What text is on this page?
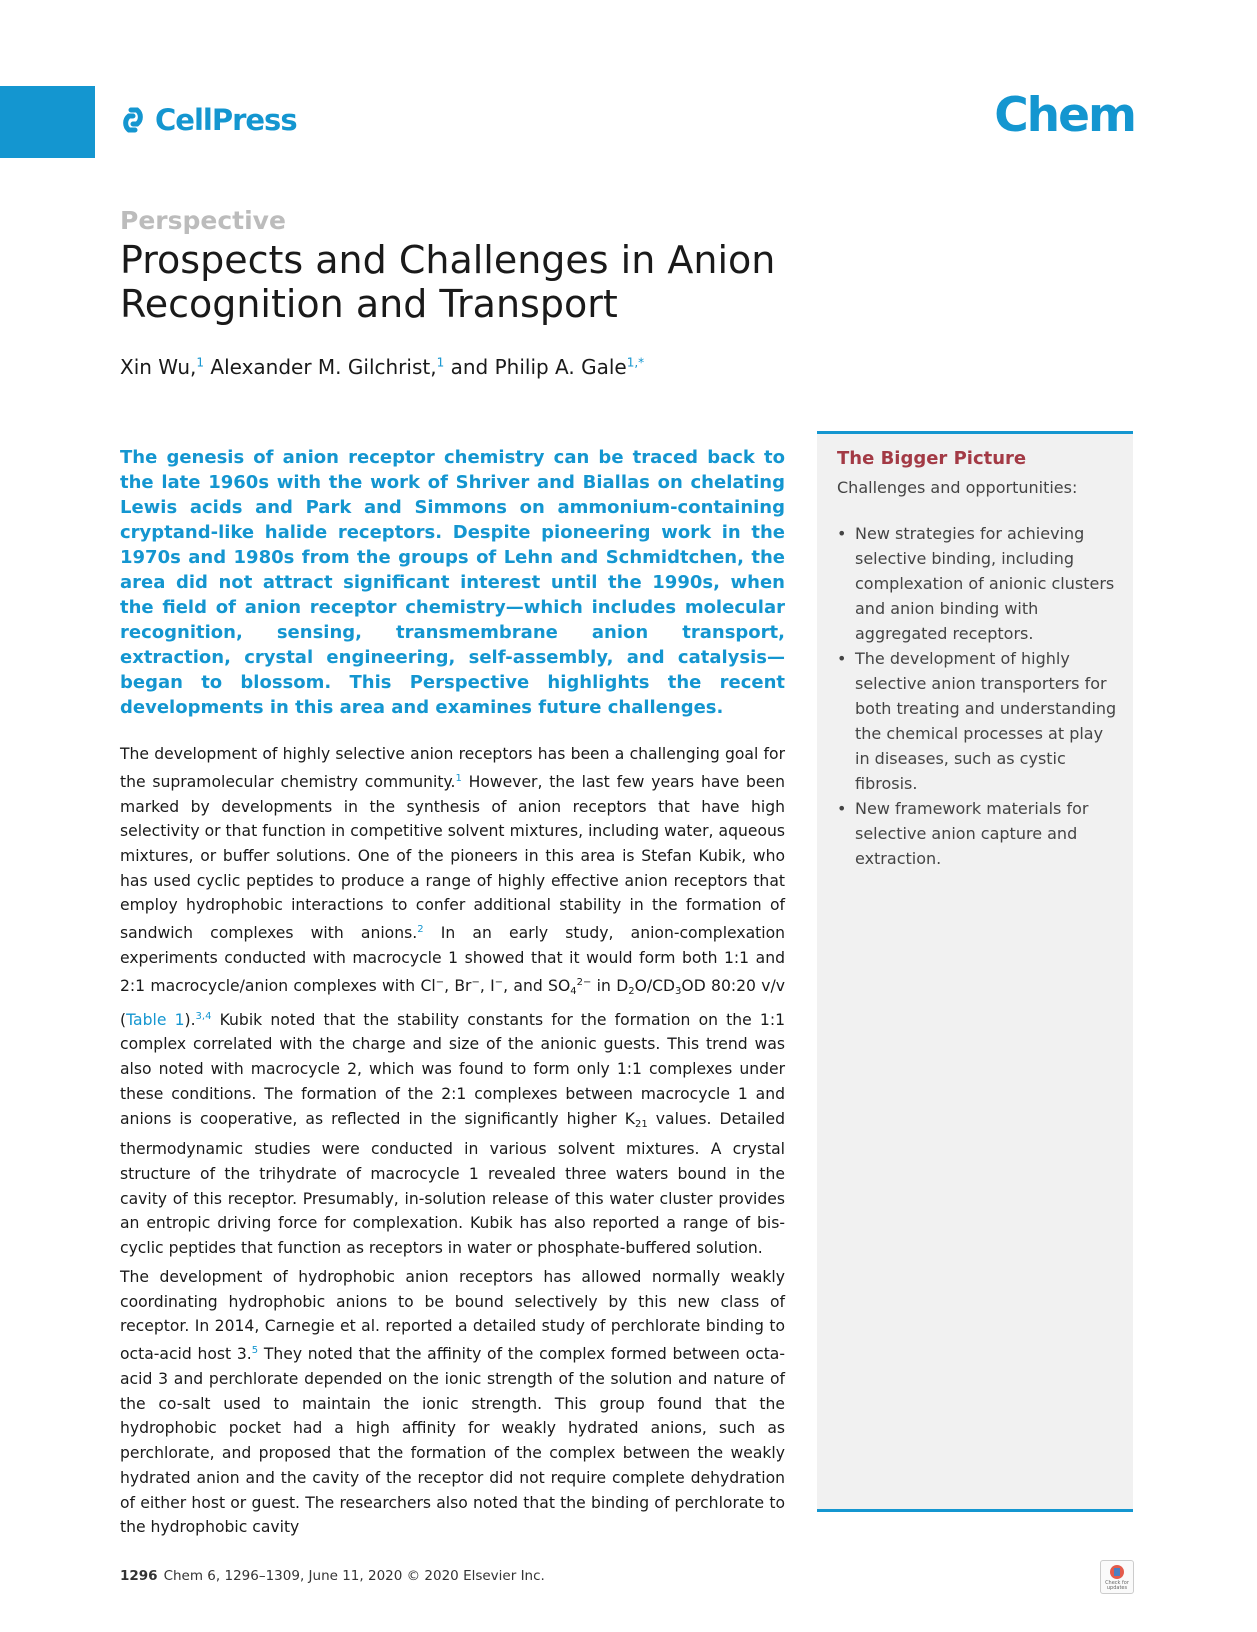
CellPress	Chem
Perspective
Prospects and Challenges in Anion Recognition and Transport
Xin Wu,$^1$ Alexander M. Gilchrist,$^1$ and Philip A. Gale$^{1,*}$

The genesis of anion receptor chemistry can be traced back to the late 1960s with the work of Shriver and Biallas on chelating Lewis acids and Park and Simmons on ammonium-containing cryptand-like halide receptors. Despite pioneering work in the 1970s and 1980s from the groups of Lehn and Schmidtchen, the area did not attract significant interest until the 1990s, when the field of anion receptor chemistry—which includes molecular recognition, sensing, transmembrane anion transport, extraction, crystal engineering, self-assembly, and catalysis—began to blossom. This Perspective highlights the recent developments in this area and examines future challenges.

The development of highly selective anion receptors has been a challenging goal for the supramolecular chemistry community.$^1$ However, the last few years have been marked by developments in the synthesis of anion receptors that have high selectivity or that function in competitive solvent mixtures, including water, aqueous mixtures, or buffer solutions. One of the pioneers in this area is Stefan Kubik, who has used cyclic peptides to produce a range of highly effective anion receptors that employ hydrophobic interactions to confer additional stability in the formation of sandwich complexes with anions.$^2$ In an early study, anion-complexation experiments conducted with macrocycle 1 showed that it would form both 1:1 and 2:1 macrocycle/anion complexes with Cl−, Br−, I−, and $SO_4^{2-}$ in $D_2O/CD_3OD$ 80:20 v/v (Table 1).$^{3,4}$ Kubik noted that the stability constants for the formation on the 1:1 complex correlated with the charge and size of the anionic guests. This trend was also noted with macrocycle 2, which was found to form only 1:1 complexes under these conditions. The formation of the 2:1 complexes between macrocycle 1 and anions is cooperative, as reflected in the significantly higher $K_{21}$ values. Detailed thermodynamic studies were conducted in various solvent mixtures. A crystal structure of the trihydrate of macrocycle 1 revealed three waters bound in the cavity of this receptor. Presumably, in-solution release of this water cluster provides an entropic driving force for complexation. Kubik has also reported a range of bis-cyclic peptides that function as receptors in water or phosphate-buffered solution.

The development of hydrophobic anion receptors has allowed normally weakly coordinating hydrophobic anions to be bound selectively by this new class of receptor. In 2014, Carnegie et al. reported a detailed study of perchlorate binding to octa-acid host 3.$^5$ They noted that the affinity of the complex formed between octa-acid 3 and perchlorate depended on the ionic strength of the solution and nature of the co-salt used to maintain the ionic strength. This group found that the hydrophobic pocket had a high affinity for weakly hydrated anions, such as perchlorate, and proposed that the formation of the complex between the weakly hydrated anion and the cavity of the receptor did not require complete dehydration of either host or guest. The researchers also noted that the binding of perchlorate to the hydrophobic cavity

The Bigger Picture
Challenges and opportunities:
• New strategies for achieving selective binding, including complexation of anionic clusters and anion binding with aggregated receptors.
• The development of highly selective anion transporters for both treating and understanding the chemical processes at play in diseases, such as cystic fibrosis.
• New framework materials for selective anion capture and extraction.
1296 Chem 6, 1296–1309, June 11, 2020 © 2020 Elsevier Inc.	Check for updates
